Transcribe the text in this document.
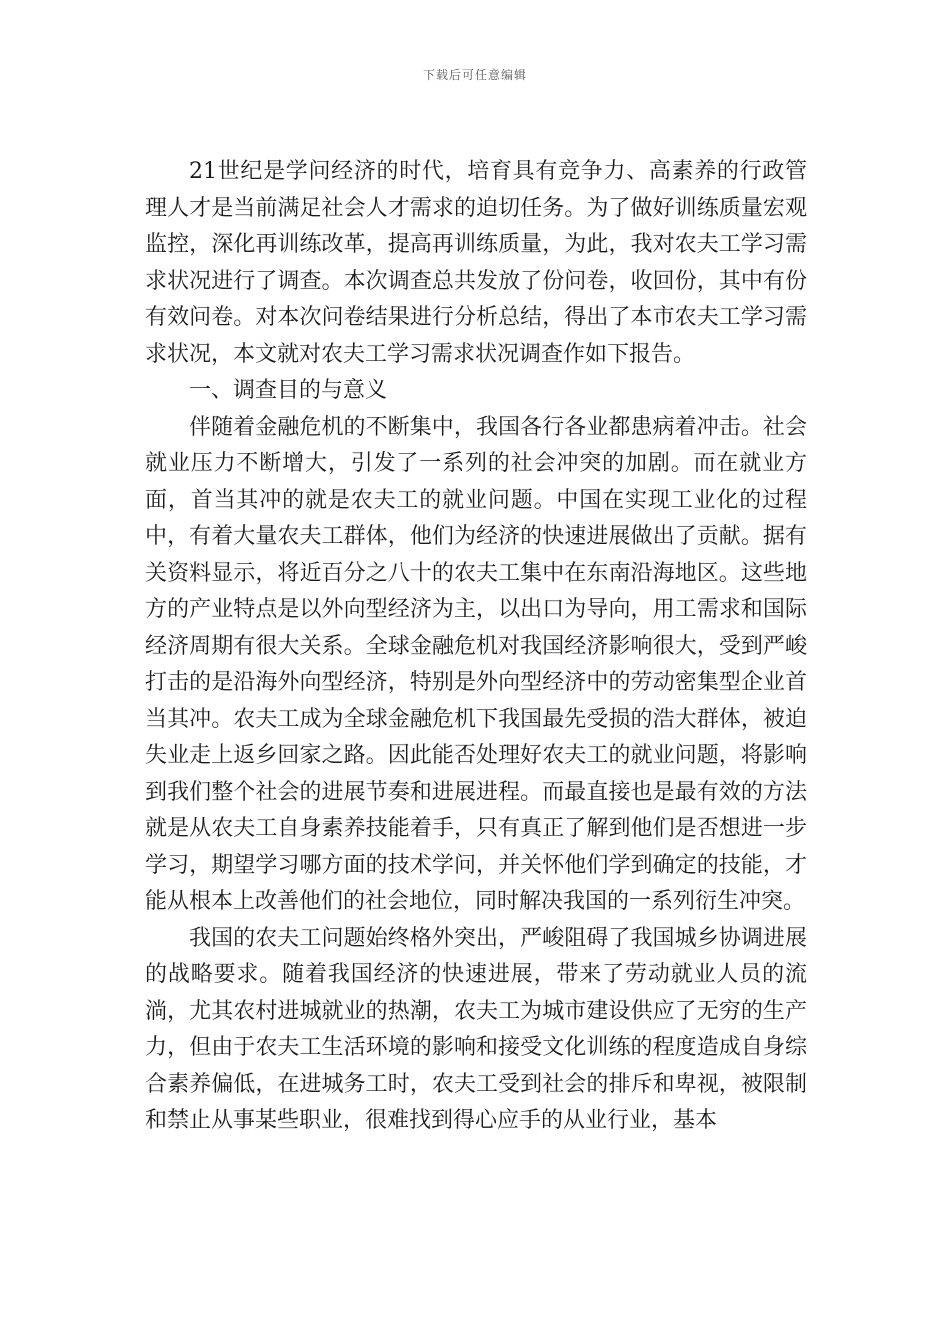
下载后可任意编辑

21世纪是学问经济的时代，培育具有竞争力、高素养的行政管理人才是当前满足社会人才需求的迫切任务。为了做好训练质量宏观监控，深化再训练改革，提高再训练质量，为此，我对农夫工学习需求状况进行了调查。本次调查总共发放了份问卷，收回份，其中有份有效问卷。对本次问卷结果进行分析总结，得出了本市农夫工学习需求状况，本文就对农夫工学习需求状况调查作如下报告。

一、调查目的与意义

伴随着金融危机的不断集中，我国各行各业都患病着冲击。社会就业压力不断增大，引发了一系列的社会冲突的加剧。而在就业方面，首当其冲的就是农夫工的就业问题。中国在实现工业化的过程中，有着大量农夫工群体，他们为经济的快速进展做出了贡献。据有关资料显示，将近百分之八十的农夫工集中在东南沿海地区。这些地方的产业特点是以外向型经济为主，以出口为导向，用工需求和国际经济周期有很大关系。全球金融危机对我国经济影响很大，受到严峻打击的是沿海外向型经济，特别是外向型经济中的劳动密集型企业首当其冲。农夫工成为全球金融危机下我国最先受损的浩大群体，被迫失业走上返乡回家之路。因此能否处理好农夫工的就业问题，将影响到我们整个社会的进展节奏和进展进程。而最直接也是最有效的方法就是从农夫工自身素养技能着手，只有真正了解到他们是否想进一步学习，期望学习哪方面的技术学问，并关怀他们学到确定的技能，才能从根本上改善他们的社会地位，同时解决我国的一系列衍生冲突。

我国的农夫工问题始终格外突出，严峻阻碍了我国城乡协调进展的战略要求。随着我国经济的快速进展，带来了劳动就业人员的流淌，尤其农村进城就业的热潮，农夫工为城市建设供应了无穷的生产力，但由于农夫工生活环境的影响和接受文化训练的程度造成自身综合素养偏低，在进城务工时，农夫工受到社会的排斥和卑视，被限制和禁止从事某些职业，很难找到得心应手的从业行业，基本
